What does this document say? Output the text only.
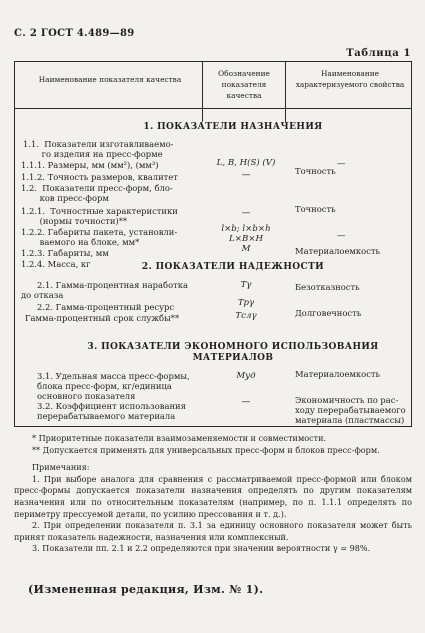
С. 2 ГОСТ 4.489—89
Таблица 1
Наименование показателя качества
Обозначение показателя качества
Наименование характеризуемого свойства
1. ПОКАЗАТЕЛИ НАЗНАЧЕНИЯ
1.1.  Показатели изготавливаемо-
го изделия на пресс-форме
1.1.1. Размеры, мм (мм²), (мм³)	L, B, H(S) (V)	—
1.1.2. Точность размеров, квалитет	—	Точность
1.2.  Показатели пресс-форм, бло-
ков пресс-форм
1.2.1.  Точностные характеристики
(нормы точности)**
—	Точность
1.2.2. Габариты пакета, установли-
ваемого на блоке, мм*
l×b; l×b×h
L×B×H	—
1.2.3. Габариты, мм
1.2.4. Масса, кг
M	Материалоемкость
2. ПОКАЗАТЕЛИ НАДЕЖНОСТИ
2.1. Гамма-процентная наработка
до отказа
Tγ	Безотказность
2.2. Гамма-процентный ресурс	Tрγ
Гамма-процентный срок службы**	Tслγ	Долговечность
3. ПОКАЗАТЕЛИ ЭКОНОМНОГО ИСПОЛЬЗОВАНИЯ
МАТЕРИАЛОВ
3.1. Удельная масса пресс-формы,
блока пресс-форм, кг/единица
основного показателя
Mуд	Материалоемкость
3.2. Коэффициент использования
перерабатываемого материала
—	Экономичность по рас-
ходу перерабатываемого
материала (пластмассы)

* Приоритетные показатели взаимозаменяемости и совместимости.

** Допускается применять для универсальных пресс-форм и блоков пресс-форм.

Примечания:

1. При выборе аналога для сравнения с рассматриваемой пресс-формой или блоком пресс-формы допускается показатели назначения определять по другим показателям назначения или по относительным показателям (например, по п. 1.1.1 определять по периметру прессуемой детали, по усилию прессования и т. д.).

2. При определении показателя п. 3.1 за единицу основного показателя может быть принят показатель надежности, назначения или комплексный.

3. Показатели пп. 2.1 и 2.2 определяются при значении вероятности γ = 98%.

(Измененная редакция, Изм. № 1).
